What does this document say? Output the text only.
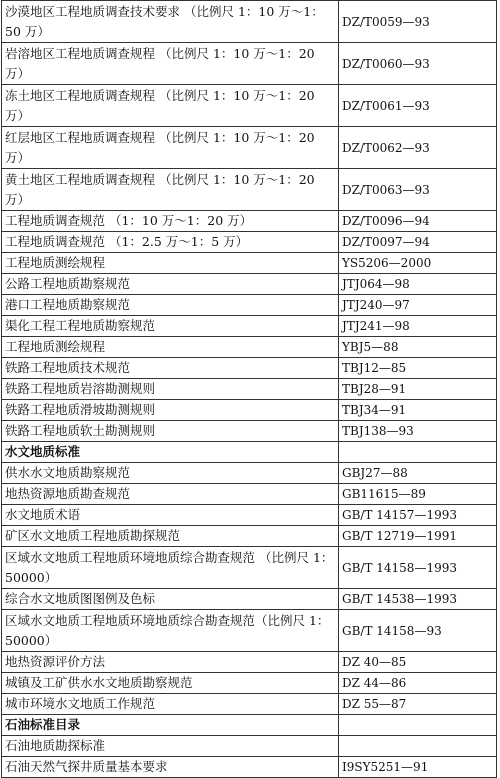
沙漠地区工程地质调查技术要求 （比例尺 1：10 万～1：50 万）	DZ/T0059—93
岩溶地区工程地质调查规程 （比例尺 1：10 万～1：20 万）	DZ/T0060—93
冻土地区工程地质调查规程 （比例尺 1：10 万～1：20 万）	DZ/T0061—93
红层地区工程地质调查规程 （比例尺 1：10 万～1：20 万）	DZ/T0062—93
黄土地区工程地质调查规程 （比例尺 1：10 万～1：20 万）	DZ/T0063—93
工程地质调查规范 （1：10 万～1：20 万）	DZ/T0096—94
工程地质调查规范 （1：2.5 万～1：5 万）	DZ/T0097—94
工程地质测绘规程	YS5206—2000
公路工程地质勘察规范	JTJ064—98
港口工程地质勘察规范	JTJ240—97
渠化工程工程地质勘察规范	JTJ241—98
工程地质测绘规程	YBJ5—88
铁路工程地质技术规范	TBJ12—85
铁路工程地质岩溶勘测规则	TBJ28—91
铁路工程地质滑坡勘测规则	TBJ34—91
铁路工程地质软土勘测规则	TBJ138—93
水文地质标准	
供水水文地质勘察规范	GBJ27—88
地热资源地质勘查规范	GB11615—89
水文地质术语	GB/T 14157—1993
矿区水文地质工程地质勘探规范	GB/T 12719—1991
区域水文地质工程地质环境地质综合勘查规范 （比例尺 1：50000）	GB/T 14158—1993
综合水文地质图图例及色标	GB/T 14538—1993
区域水文地质工程地质环境地质综合勘查规范（比例尺 1：50000）	GB/T 14158—93
地热资源评价方法	DZ 40—85
城镇及工矿供水水文地质勘察规范	DZ 44—86
城市环境水文地质工作规范	DZ 55—87
石油标准目录	
石油地质勘探标准	
石油天然气探井质量基本要求	I9SY5251—91
